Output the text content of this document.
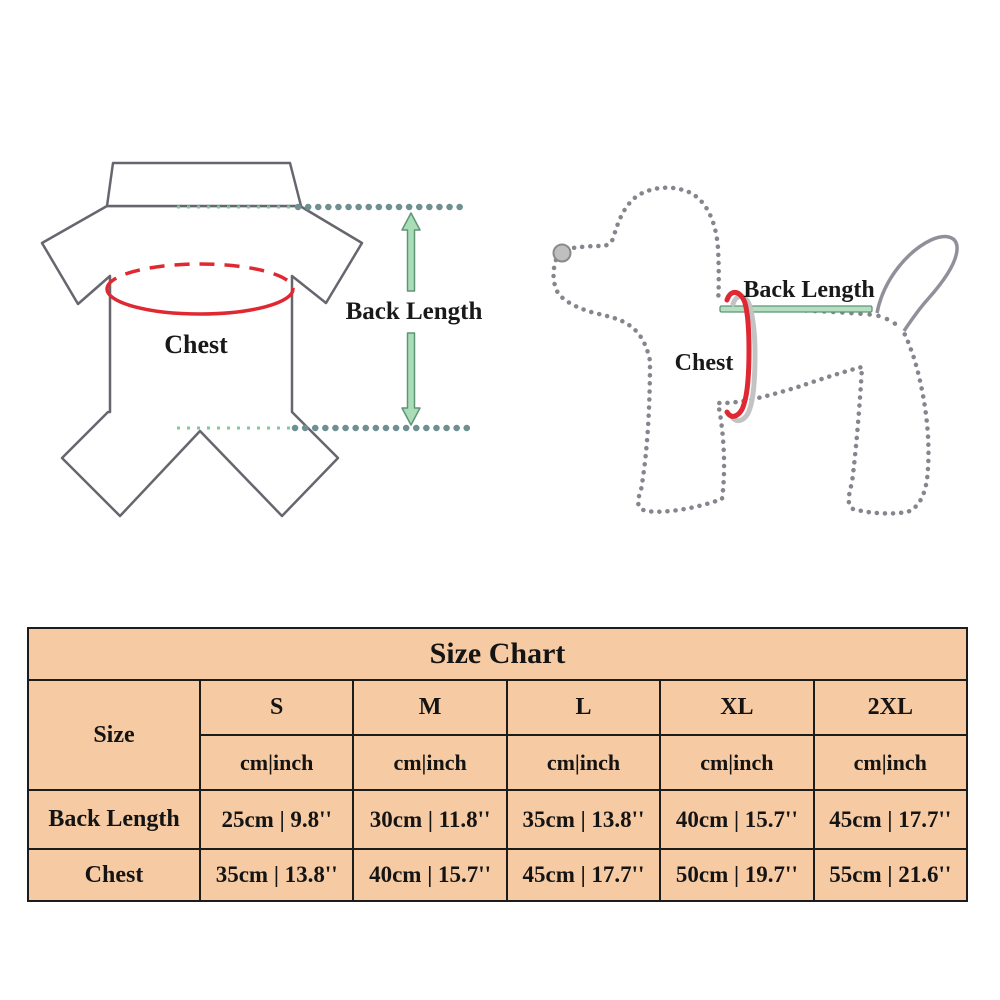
Chest
Back Length
Back Length
Chest
Size Chart					
Size	S	M	L	XL	2XL
	cm|inch	cm|inch	cm|inch	cm|inch	cm|inch
Back Length	25cm | 9.8''	30cm | 11.8''	35cm | 13.8''	40cm | 15.7''	45cm | 17.7''
Chest	35cm | 13.8''	40cm | 15.7''	45cm | 17.7''	50cm | 19.7''	55cm | 21.6''
